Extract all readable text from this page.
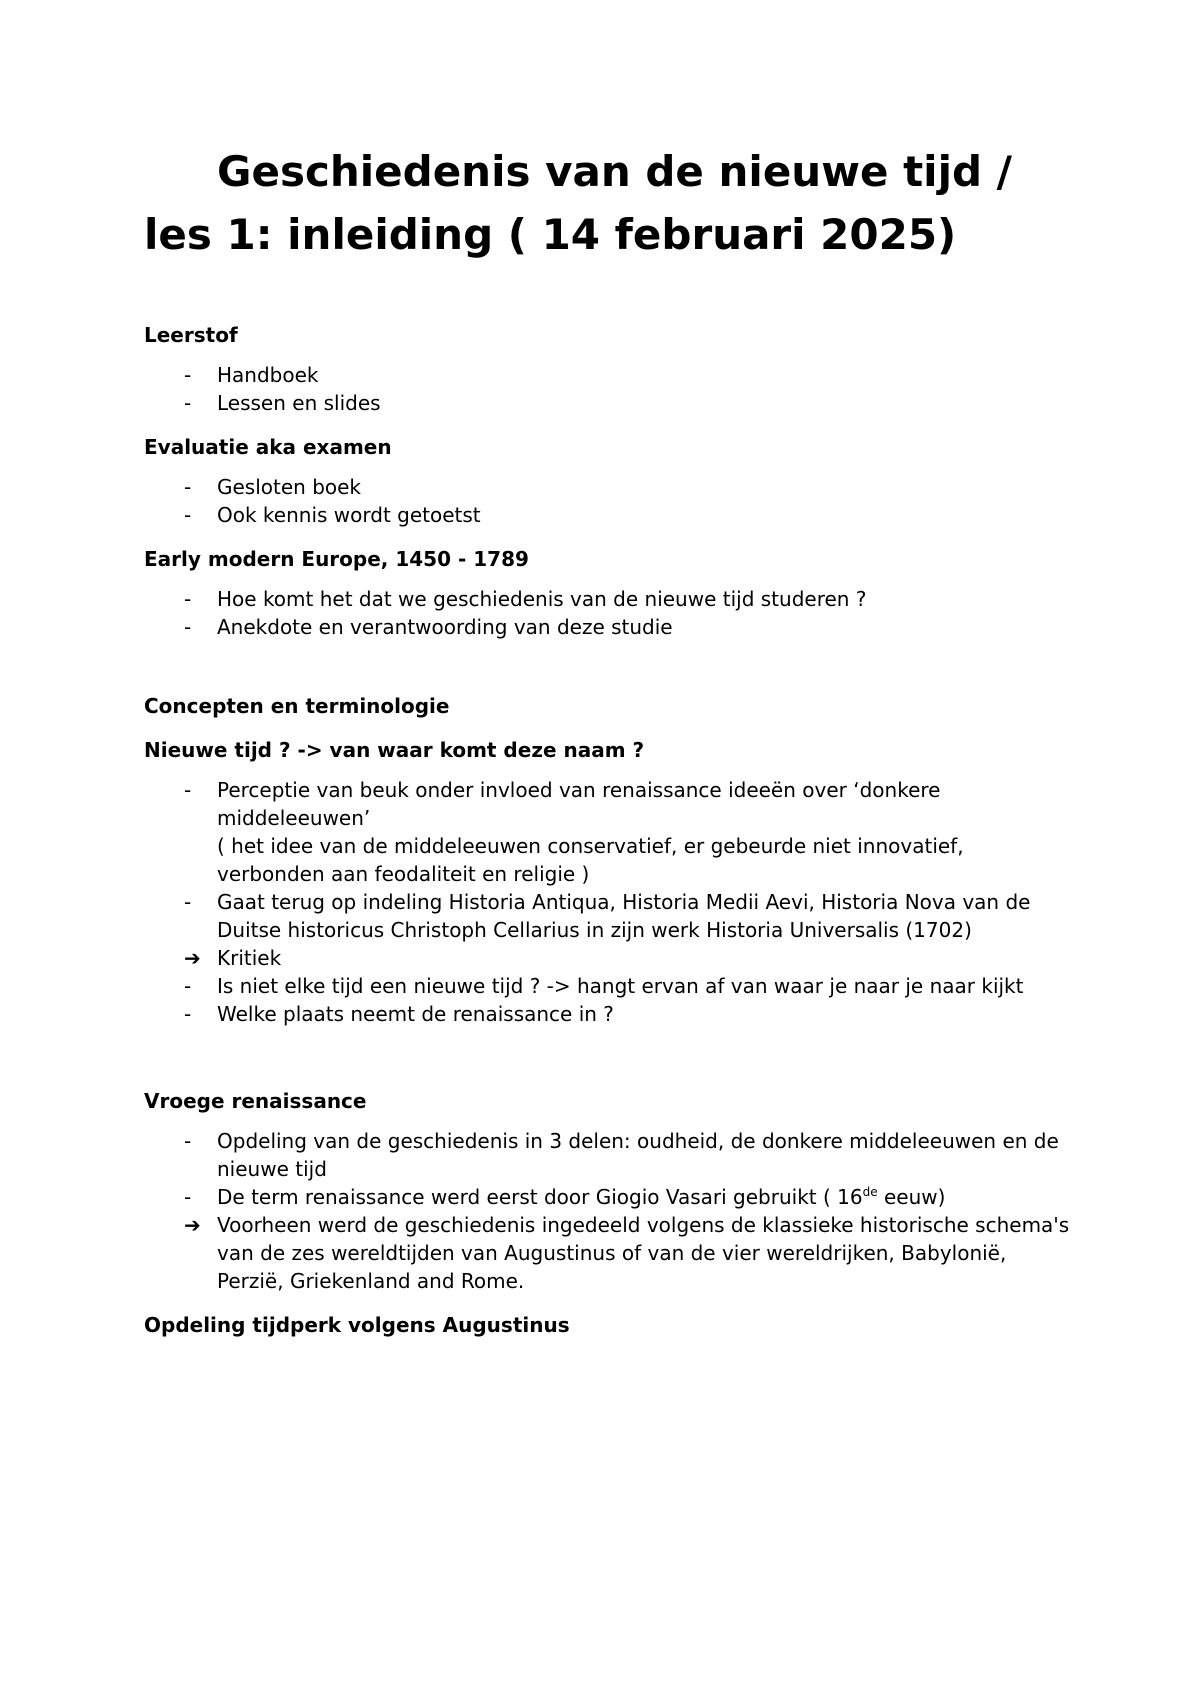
Geschiedenis van de nieuwe tijd / les 1: inleiding ( 14 februari 2025)

Leerstof

-	Handboek
-	Lessen en slides

Evaluatie aka examen

-	Gesloten boek
-	Ook kennis wordt getoetst

Early modern Europe, 1450 - 1789

-	Hoe komt het dat we geschiedenis van de nieuwe tijd studeren ?
-	Anekdote en verantwoording van deze studie

Concepten en terminologie

Nieuwe tijd ? -> van waar komt deze naam ?

-	Perceptie van beuk onder invloed van renaissance ideeën over ‘donkere middeleeuwen’
( het idee van de middeleeuwen conservatief, er gebeurde niet innovatief, verbonden aan feodaliteit en religie )
-	Gaat terug op indeling Historia Antiqua, Historia Medii Aevi, Historia Nova van de Duitse historicus Christoph Cellarius in zijn werk Historia Universalis (1702)
➔ Kritiek
-	Is niet elke tijd een nieuwe tijd ? -> hangt ervan af van waar je naar je naar kijkt
-	Welke plaats neemt de renaissance in ?

Vroege renaissance

-	Opdeling van de geschiedenis in 3 delen: oudheid, de donkere middeleeuwen en de nieuwe tijd
-	De term renaissance werd eerst door Giogio Vasari gebruikt ( 16de eeuw)
➔ Voorheen werd de geschiedenis ingedeeld volgens de klassieke historische schema's van de zes wereldtijden van Augustinus of van de vier wereldrijken, Babylonië, Perzië, Griekenland and Rome.

Opdeling tijdperk volgens Augustinus
